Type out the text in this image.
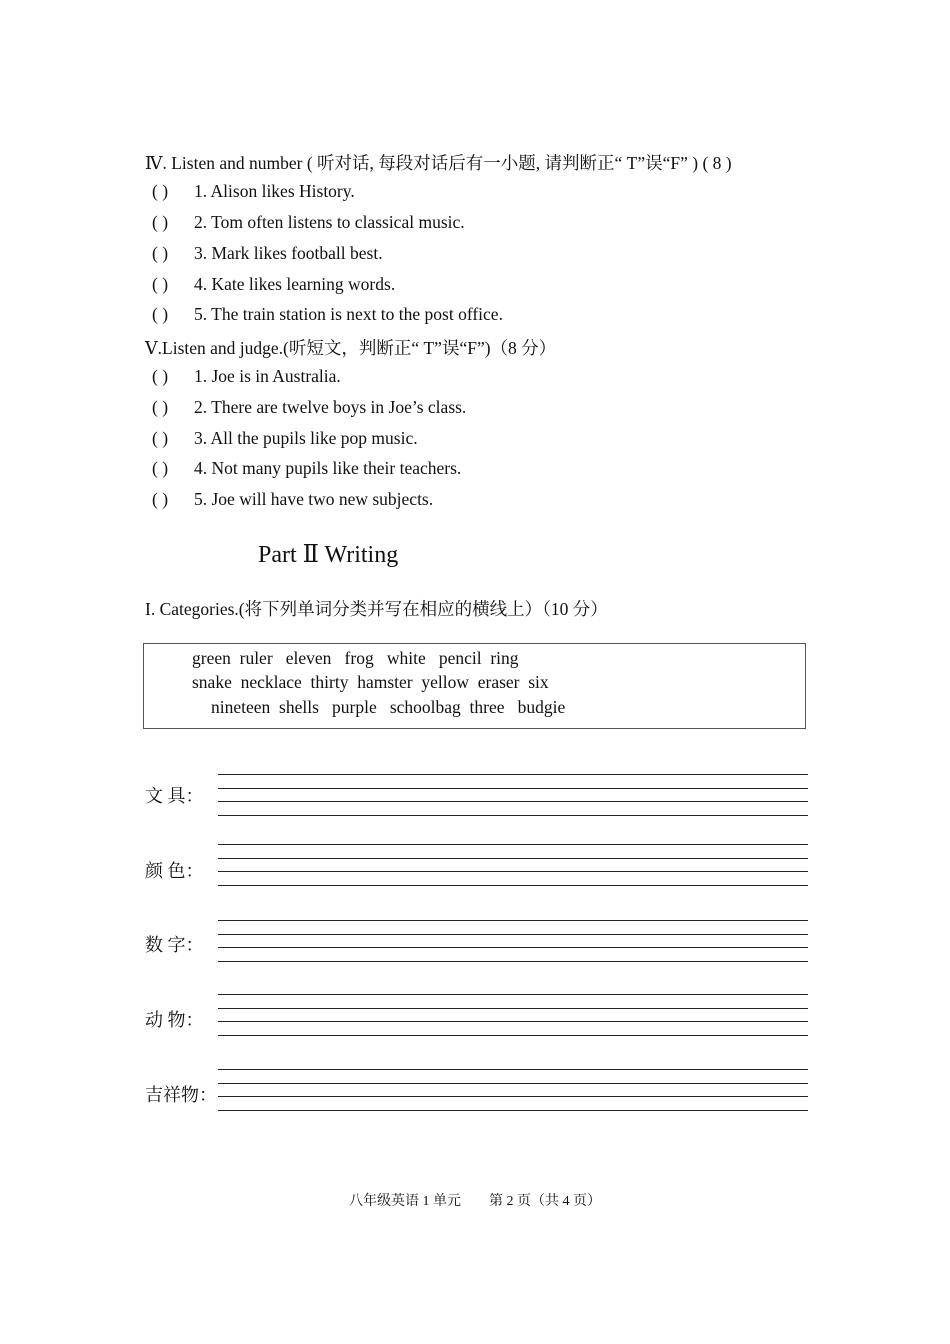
Ⅳ. Listen and number ( 听对话, 每段对话后有一小题, 请判断正“ T”误“F” ) ( 8 )
( ) 1. Alison likes History.
( ) 2. Tom often listens to classical music.
( ) 3. Mark likes football best.
( ) 4. Kate likes learning words.
( ) 5. The train station is next to the post office.
Ⅴ.Listen and judge.(听短文，判断正“ T”误“F”)（8 分）
( ) 1. Joe is in Australia.
( ) 2. There are twelve boys in Joe’s class.
( ) 3. All the pupils like pop music.
( ) 4. Not many pupils like their teachers.
( ) 5. Joe will have two new subjects.
Part Ⅱ Writing
I. Categories.(将下列单词分类并写在相应的横线上）（10 分）
green  ruler   eleven   frog   white   pencil  ring
snake  necklace  thirty  hamster  yellow  eraser  six
nineteen  shells   purple   schoolbag  three   budgie
文 具：
颜 色：
数 字：
动 物：
吉祥物：
八年级英语 1 单元        第 2 页（共 4 页）
